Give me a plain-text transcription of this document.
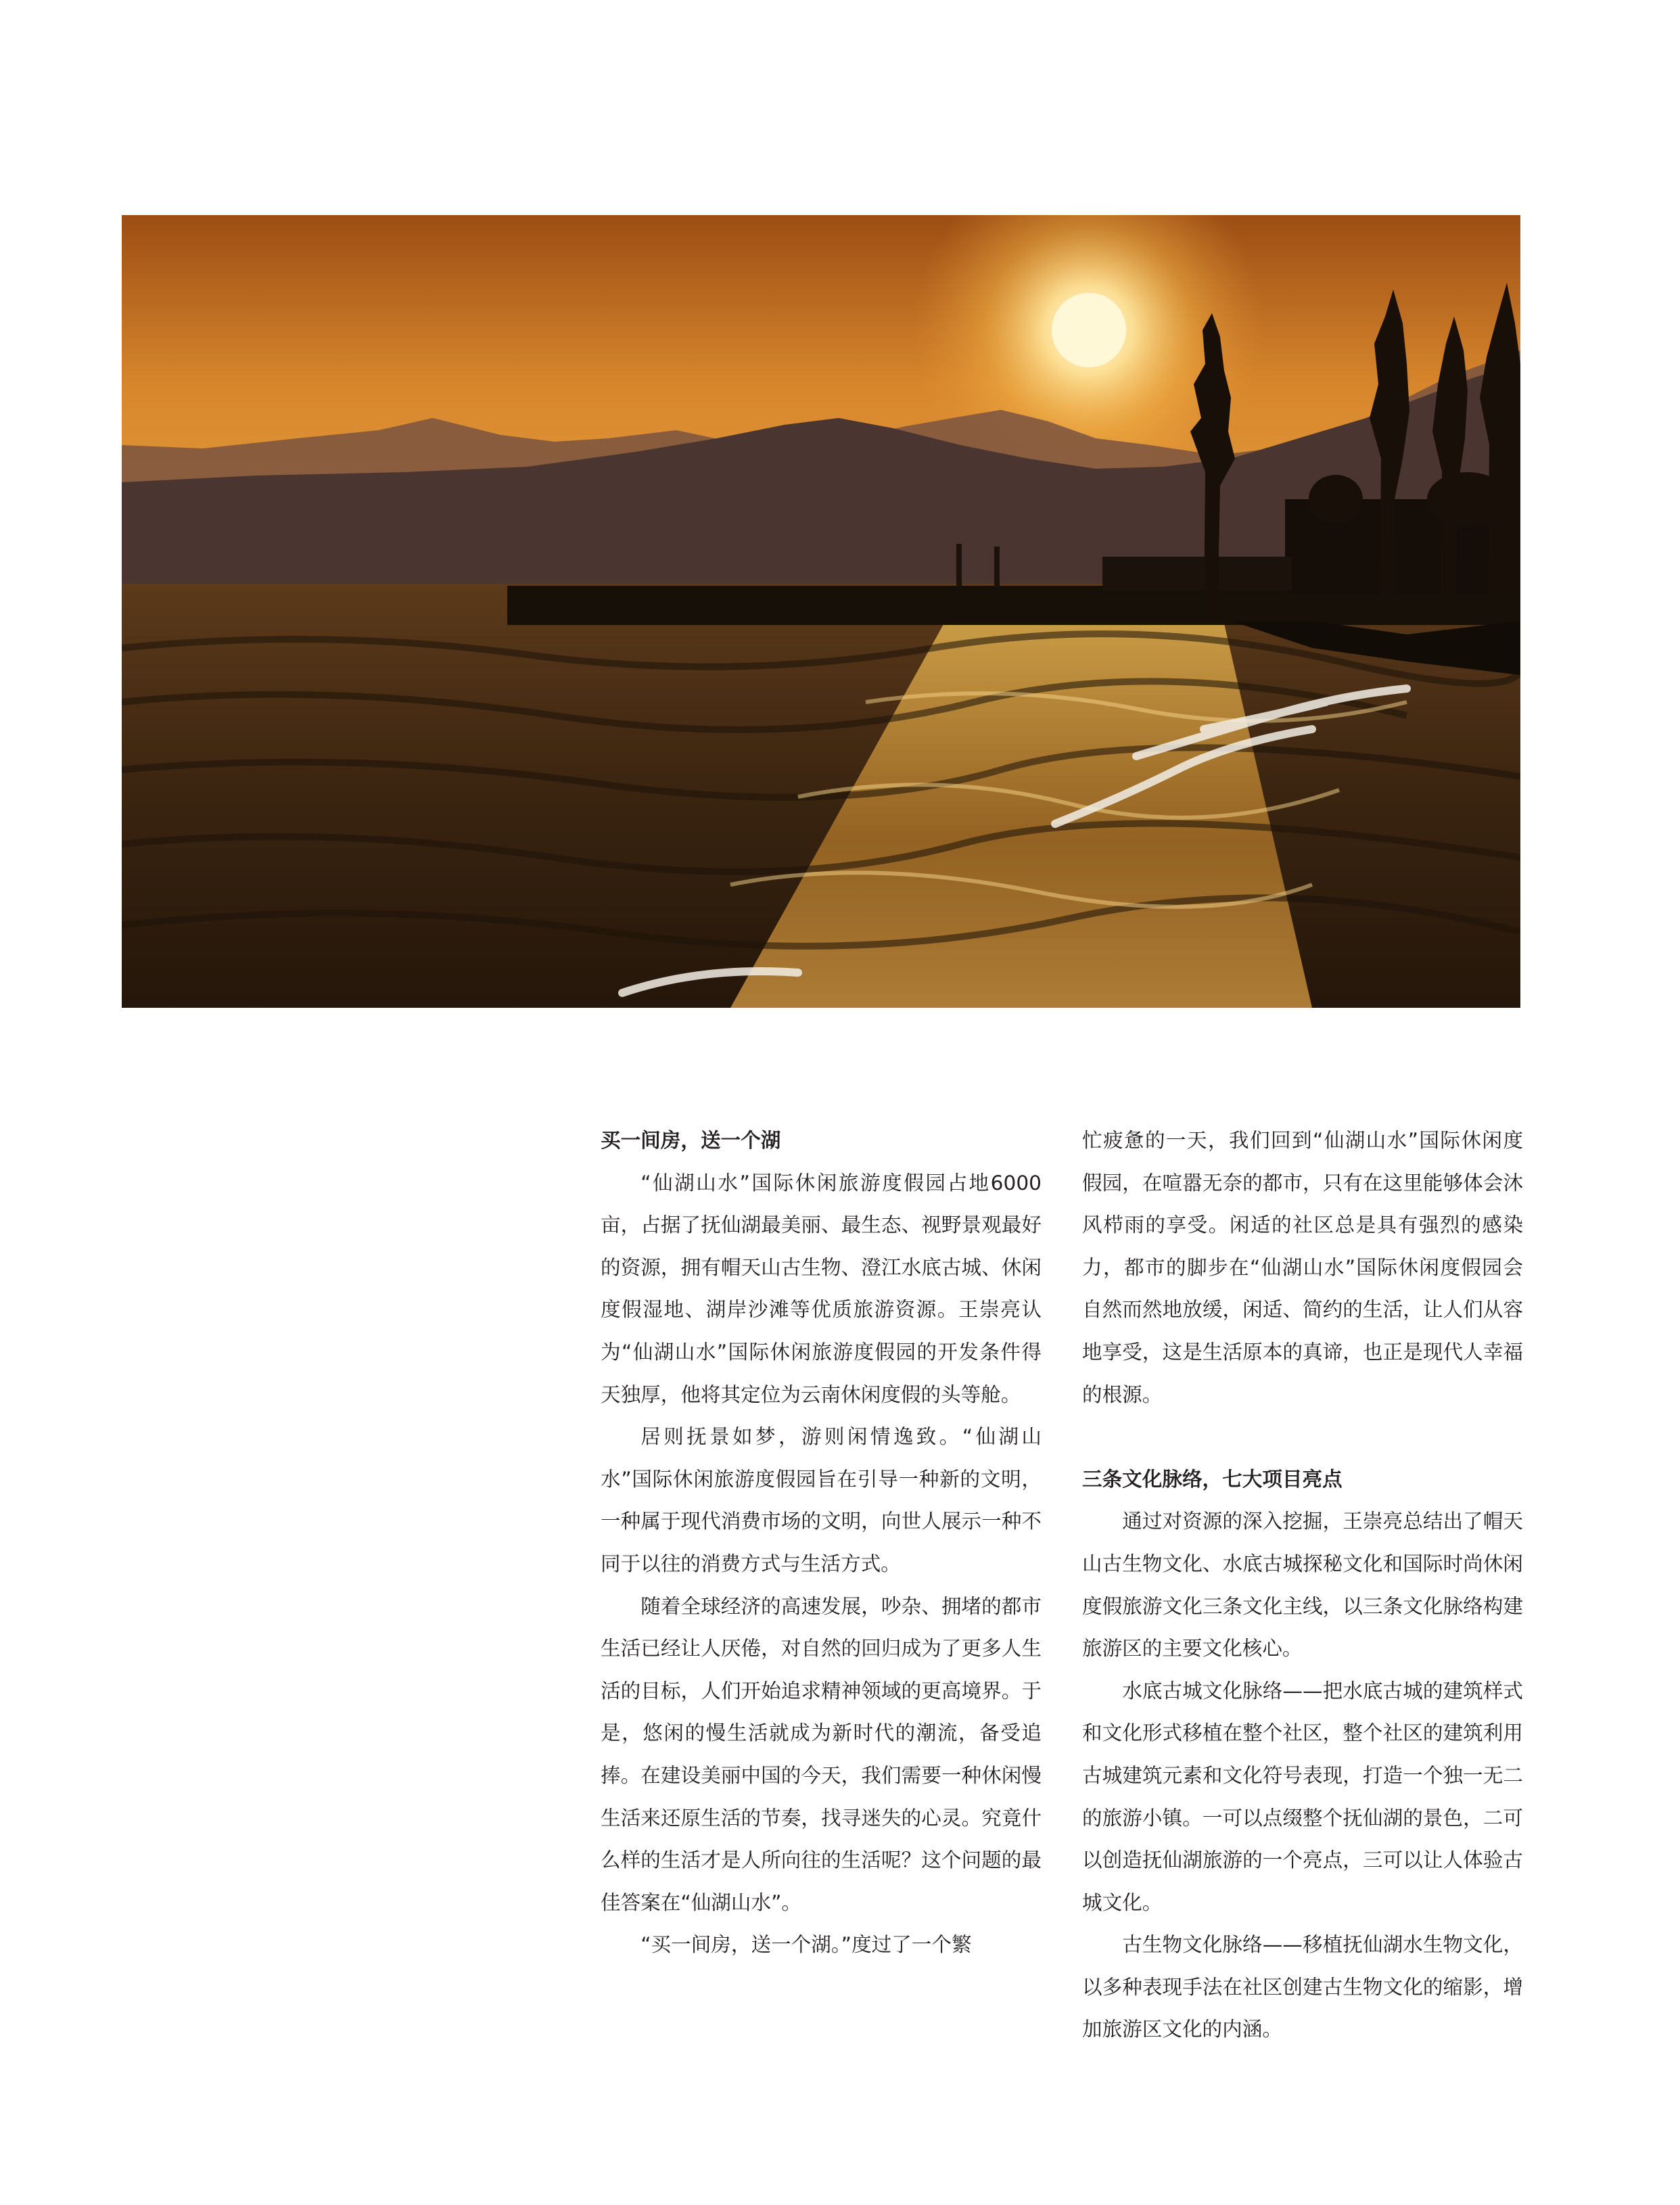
买一间房，送一个湖

“仙湖山水”国际休闲旅游度假园占地6000亩，占据了抚仙湖最美丽、最生态、视野景观最好的资源，拥有帽天山古生物、澄江水底古城、休闲度假湿地、湖岸沙滩等优质旅游资源。王崇亮认为“仙湖山水”国际休闲旅游度假园的开发条件得天独厚，他将其定位为云南休闲度假的头等舱。

居则抚景如梦，游则闲情逸致。“仙湖山水”国际休闲旅游度假园旨在引导一种新的文明，一种属于现代消费市场的文明，向世人展示一种不同于以往的消费方式与生活方式。

随着全球经济的高速发展，吵杂、拥堵的都市生活已经让人厌倦，对自然的回归成为了更多人生活的目标，人们开始追求精神领域的更高境界。于是，悠闲的慢生活就成为新时代的潮流，备受追捧。在建设美丽中国的今天，我们需要一种休闲慢生活来还原生活的节奏，找寻迷失的心灵。究竟什么样的生活才是人所向往的生活呢？这个问题的最佳答案在“仙湖山水”。

“买一间房，送一个湖。”度过了一个繁

忙疲惫的一天，我们回到“仙湖山水”国际休闲度假园，在喧嚣无奈的都市，只有在这里能够体会沐风栉雨的享受。闲适的社区总是具有强烈的感染力，都市的脚步在“仙湖山水”国际休闲度假园会自然而然地放缓，闲适、简约的生活，让人们从容地享受，这是生活原本的真谛，也正是现代人幸福的根源。

三条文化脉络，七大项目亮点

通过对资源的深入挖掘，王崇亮总结出了帽天山古生物文化、水底古城探秘文化和国际时尚休闲度假旅游文化三条文化主线，以三条文化脉络构建旅游区的主要文化核心。

水底古城文化脉络——把水底古城的建筑样式和文化形式移植在整个社区，整个社区的建筑利用古城建筑元素和文化符号表现，打造一个独一无二的旅游小镇。一可以点缀整个抚仙湖的景色，二可以创造抚仙湖旅游的一个亮点，三可以让人体验古城文化。

古生物文化脉络——移植抚仙湖水生物文化，以多种表现手法在社区创建古生物文化的缩影，增加旅游区文化的内涵。
